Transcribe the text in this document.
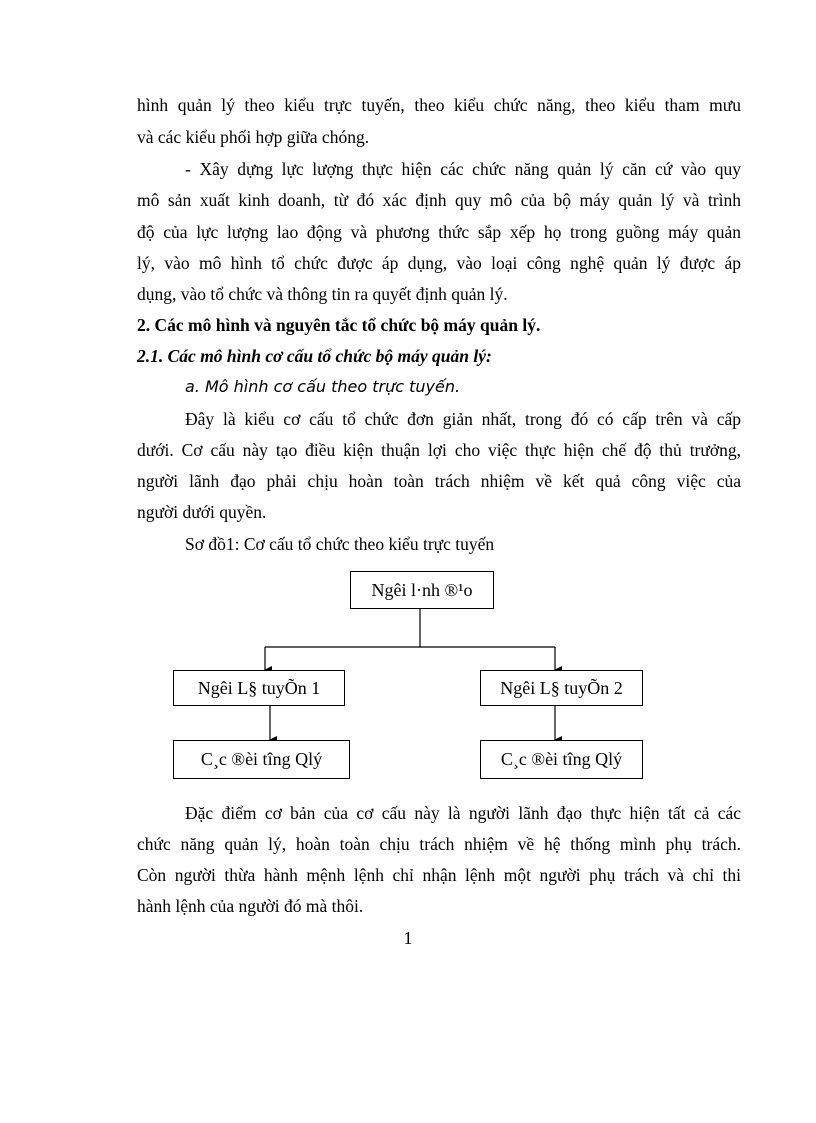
hình quản lý theo kiểu trực tuyến, theo kiểu chức năng, theo kiểu tham mưu
và các kiểu phối hợp giữa chóng.
- Xây dựng lực lượng thực hiện các chức năng quản lý căn cứ vào quy
mô sản xuất kinh doanh, từ đó xác định quy mô của bộ máy quản lý và trình
độ của lực lượng lao động và phương thức sắp xếp họ trong guồng máy quản
lý, vào mô hình tổ chức được áp dụng, vào loại công nghệ quản lý được áp
dụng, vào tổ chức và thông tin ra quyết định quản lý.
2. Các mô hình và nguyên tắc tổ chức bộ máy quản lý.
2.1. Các mô hình cơ cấu tổ chức bộ máy quản lý:
a. Mô hình cơ cấu theo trực tuyến.
Đây là kiểu cơ cấu tổ chức đơn giản nhất, trong đó có cấp trên và cấp
dưới. Cơ cấu này tạo điều kiện thuận lợi cho việc thực hiện chế độ thủ trưởng,
người lãnh đạo phải chịu hoàn toàn trách nhiệm về kết quả công việc của
người dưới quyền.
Sơ đồ1: Cơ cấu tổ chức theo kiểu trực tuyến
Ngêi l·nh ®¹o
Ngêi L§ tuyÕn 1	Ngêi L§ tuyÕn 2
C¸c ®èi tîng Qlý	C¸c ®èi tîng Qlý
Đặc điểm cơ bản của cơ cấu này là người lãnh đạo thực hiện tất cả các
chức năng quản lý, hoàn toàn chịu trách nhiệm về hệ thống mình phụ trách.
Còn người thừa hành mệnh lệnh chỉ nhận lệnh một người phụ trách và chỉ thi
hành lệnh của người đó mà thôi.
1
